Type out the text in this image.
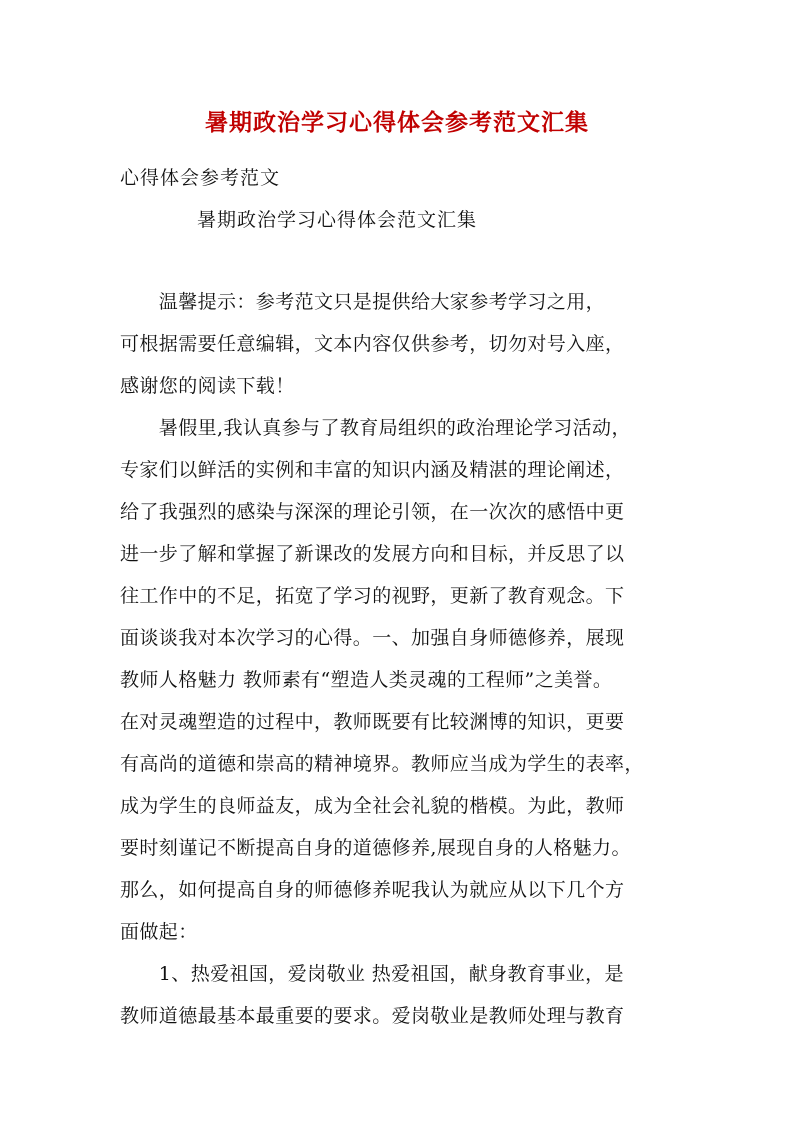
暑期政治学习心得体会参考范文汇集
心得体会参考范文
暑期政治学习心得体会范文汇集
　　温馨提示：参考范文只是提供给大家参考学习之用，
可根据需要任意编辑，文本内容仅供参考，切勿对号入座，
感谢您的阅读下载！
　　暑假里,我认真参与了教育局组织的政治理论学习活动，
专家们以鲜活的实例和丰富的知识内涵及精湛的理论阐述，
给了我强烈的感染与深深的理论引领，在一次次的感悟中更
进一步了解和掌握了新课改的发展方向和目标，并反思了以
往工作中的不足，拓宽了学习的视野，更新了教育观念。下
面谈谈我对本次学习的心得。一、加强自身师德修养，展现
教师人格魅力 教师素有“塑造人类灵魂的工程师”之美誉。
在对灵魂塑造的过程中，教师既要有比较渊博的知识，更要
有高尚的道德和崇高的精神境界。教师应当成为学生的表率，
成为学生的良师益友，成为全社会礼貌的楷模。为此，教师
要时刻谨记不断提高自身的道德修养,展现自身的人格魅力。
那么，如何提高自身的师德修养呢我认为就应从以下几个方
面做起：
　　1、热爱祖国，爱岗敬业 热爱祖国，献身教育事业，是
教师道德最基本最重要的要求。爱岗敬业是教师处理与教育
